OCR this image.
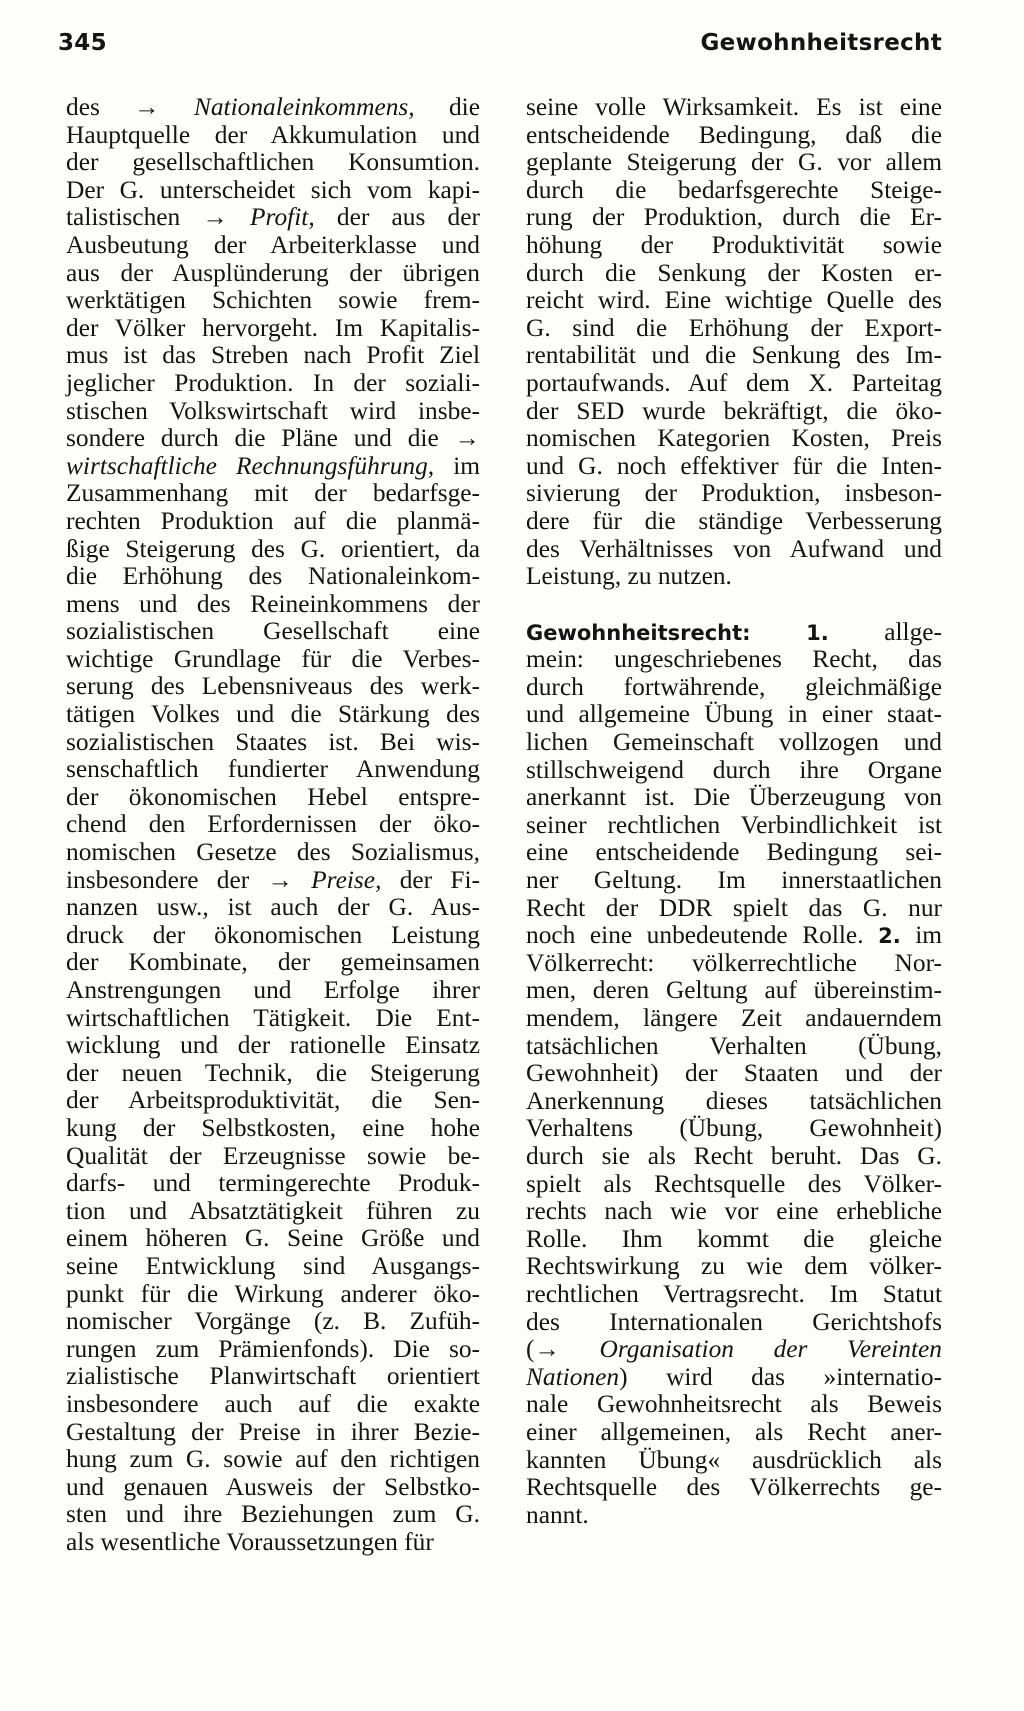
345	Gewohnheitsrecht
des → Nationaleinkommens, die
Hauptquelle der Akkumulation und
der gesellschaftlichen Konsumtion.
Der G. unterscheidet sich vom kapi-
talistischen → Profit, der aus der
Ausbeutung der Arbeiterklasse und
aus der Ausplünderung der übrigen
werktätigen Schichten sowie frem-
der Völker hervorgeht. Im Kapitalis-
mus ist das Streben nach Profit Ziel
jeglicher Produktion. In der soziali-
stischen Volkswirtschaft wird insbe-
sondere durch die Pläne und die →
wirtschaftliche Rechnungsführung, im
Zusammenhang mit der bedarfsge-
rechten Produktion auf die planmä-
ßige Steigerung des G. orientiert, da
die Erhöhung des Nationaleinkom-
mens und des Reineinkommens der
sozialistischen Gesellschaft eine
wichtige Grundlage für die Verbes-
serung des Lebensniveaus des werk-
tätigen Volkes und die Stärkung des
sozialistischen Staates ist. Bei wis-
senschaftlich fundierter Anwendung
der ökonomischen Hebel entspre-
chend den Erfordernissen der öko-
nomischen Gesetze des Sozialismus,
insbesondere der → Preise, der Fi-
nanzen usw., ist auch der G. Aus-
druck der ökonomischen Leistung
der Kombinate, der gemeinsamen
Anstrengungen und Erfolge ihrer
wirtschaftlichen Tätigkeit. Die Ent-
wicklung und der rationelle Einsatz
der neuen Technik, die Steigerung
der Arbeitsproduktivität, die Sen-
kung der Selbstkosten, eine hohe
Qualität der Erzeugnisse sowie be-
darfs- und termingerechte Produk-
tion und Absatztätigkeit führen zu
einem höheren G. Seine Größe und
seine Entwicklung sind Ausgangs-
punkt für die Wirkung anderer öko-
nomischer Vorgänge (z. B. Zufüh-
rungen zum Prämienfonds). Die so-
zialistische Planwirtschaft orientiert
insbesondere auch auf die exakte
Gestaltung der Preise in ihrer Bezie-
hung zum G. sowie auf den richtigen
und genauen Ausweis der Selbstko-
sten und ihre Beziehungen zum G.
als wesentliche Voraussetzungen für
seine volle Wirksamkeit. Es ist eine
entscheidende Bedingung, daß die
geplante Steigerung der G. vor allem
durch die bedarfsgerechte Steige-
rung der Produktion, durch die Er-
höhung der Produktivität sowie
durch die Senkung der Kosten er-
reicht wird. Eine wichtige Quelle des
G. sind die Erhöhung der Export-
rentabilität und die Senkung des Im-
portaufwands. Auf dem X. Parteitag
der SED wurde bekräftigt, die öko-
nomischen Kategorien Kosten, Preis
und G. noch effektiver für die Inten-
sivierung der Produktion, insbeson-
dere für die ständige Verbesserung
des Verhältnisses von Aufwand und
Leistung, zu nutzen.
Gewohnheitsrecht:	1. allge-
mein: ungeschriebenes Recht, das
durch fortwährende, gleichmäßige
und allgemeine Übung in einer staat-
lichen Gemeinschaft vollzogen und
stillschweigend durch ihre Organe
anerkannt ist. Die Überzeugung von
seiner rechtlichen Verbindlichkeit ist
eine entscheidende Bedingung sei-
ner Geltung. Im innerstaatlichen
Recht der DDR spielt das G. nur
noch eine unbedeutende Rolle. 2. im
Völkerrecht: völkerrechtliche Nor-
men, deren Geltung auf übereinstim-
mendem, längere Zeit andauerndem
tatsächlichen Verhalten (Übung,
Gewohnheit) der Staaten und der
Anerkennung dieses tatsächlichen
Verhaltens (Übung, Gewohnheit)
durch sie als Recht beruht. Das G.
spielt als Rechtsquelle des Völker-
rechts nach wie vor eine erhebliche
Rolle. Ihm kommt die gleiche
Rechtswirkung zu wie dem völker-
rechtlichen Vertragsrecht. Im Statut
des Internationalen Gerichtshofs
(→ Organisation der Vereinten
Nationen) wird das »internatio-
nale Gewohnheitsrecht als Beweis
einer allgemeinen, als Recht aner-
kannten Übung« ausdrücklich als
Rechtsquelle des Völkerrechts ge-
nannt.
